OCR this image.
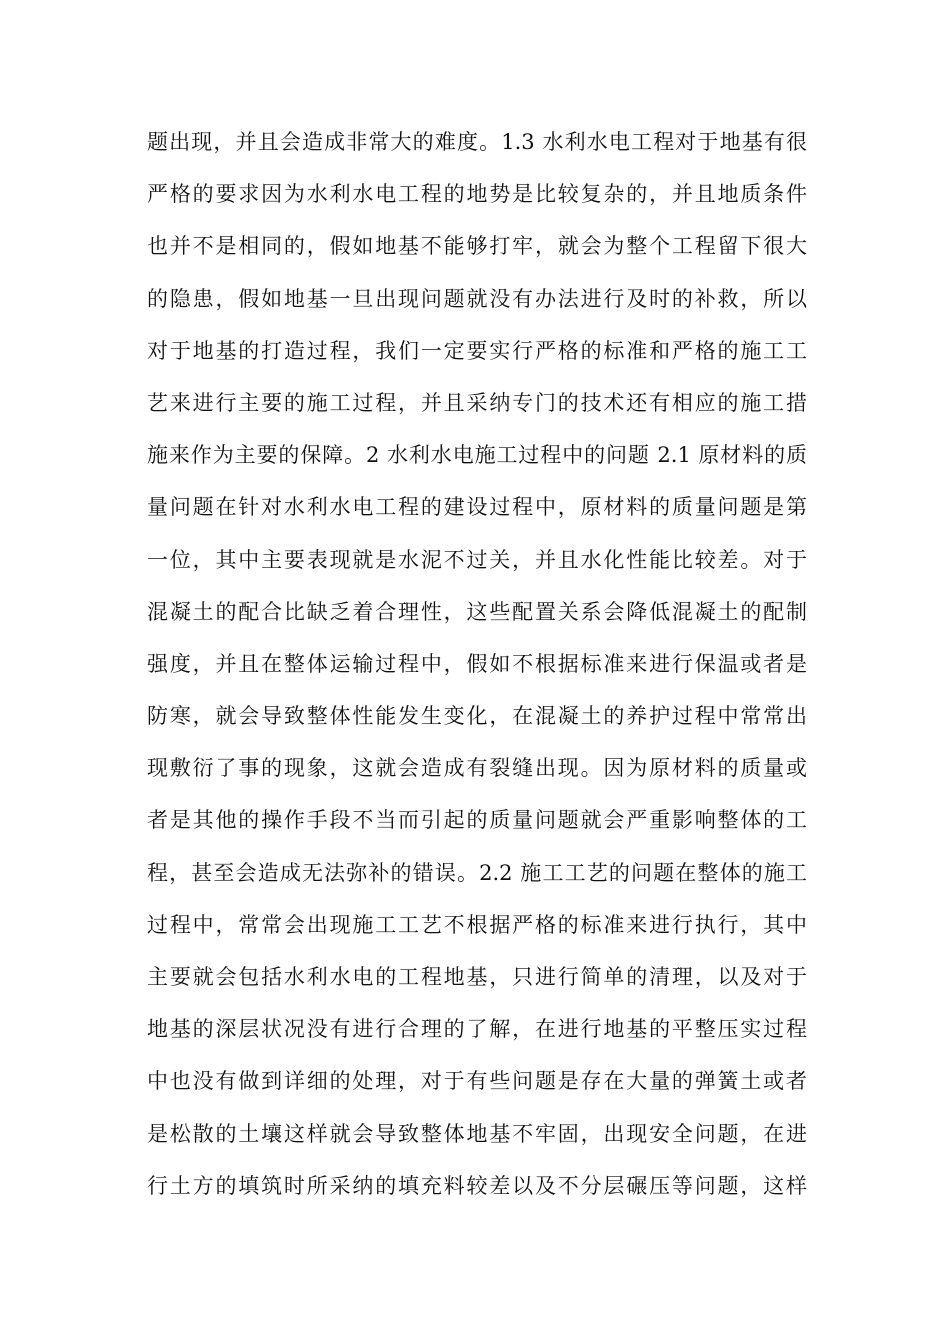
题出现，并且会造成非常大的难度。1.3 水利水电工程对于地基有很
严格的要求因为水利水电工程的地势是比较复杂的，并且地质条件
也并不是相同的，假如地基不能够打牢，就会为整个工程留下很大
的隐患，假如地基一旦出现问题就没有办法进行及时的补救，所以
对于地基的打造过程，我们一定要实行严格的标准和严格的施工工
艺来进行主要的施工过程，并且采纳专门的技术还有相应的施工措
施来作为主要的保障。2 水利水电施工过程中的问题 2.1 原材料的质
量问题在针对水利水电工程的建设过程中，原材料的质量问题是第
一位，其中主要表现就是水泥不过关，并且水化性能比较差。对于
混凝土的配合比缺乏着合理性，这些配置关系会降低混凝土的配制
强度，并且在整体运输过程中，假如不根据标准来进行保温或者是
防寒，就会导致整体性能发生变化，在混凝土的养护过程中常常出
现敷衍了事的现象，这就会造成有裂缝出现。因为原材料的质量或
者是其他的操作手段不当而引起的质量问题就会严重影响整体的工
程，甚至会造成无法弥补的错误。2.2 施工工艺的问题在整体的施工
过程中，常常会出现施工工艺不根据严格的标准来进行执行，其中
主要就会包括水利水电的工程地基，只进行简单的清理，以及对于
地基的深层状况没有进行合理的了解，在进行地基的平整压实过程
中也没有做到详细的处理，对于有些问题是存在大量的弹簧土或者
是松散的土壤这样就会导致整体地基不牢固，出现安全问题，在进
行土方的填筑时所采纳的填充料较差以及不分层碾压等问题，这样
